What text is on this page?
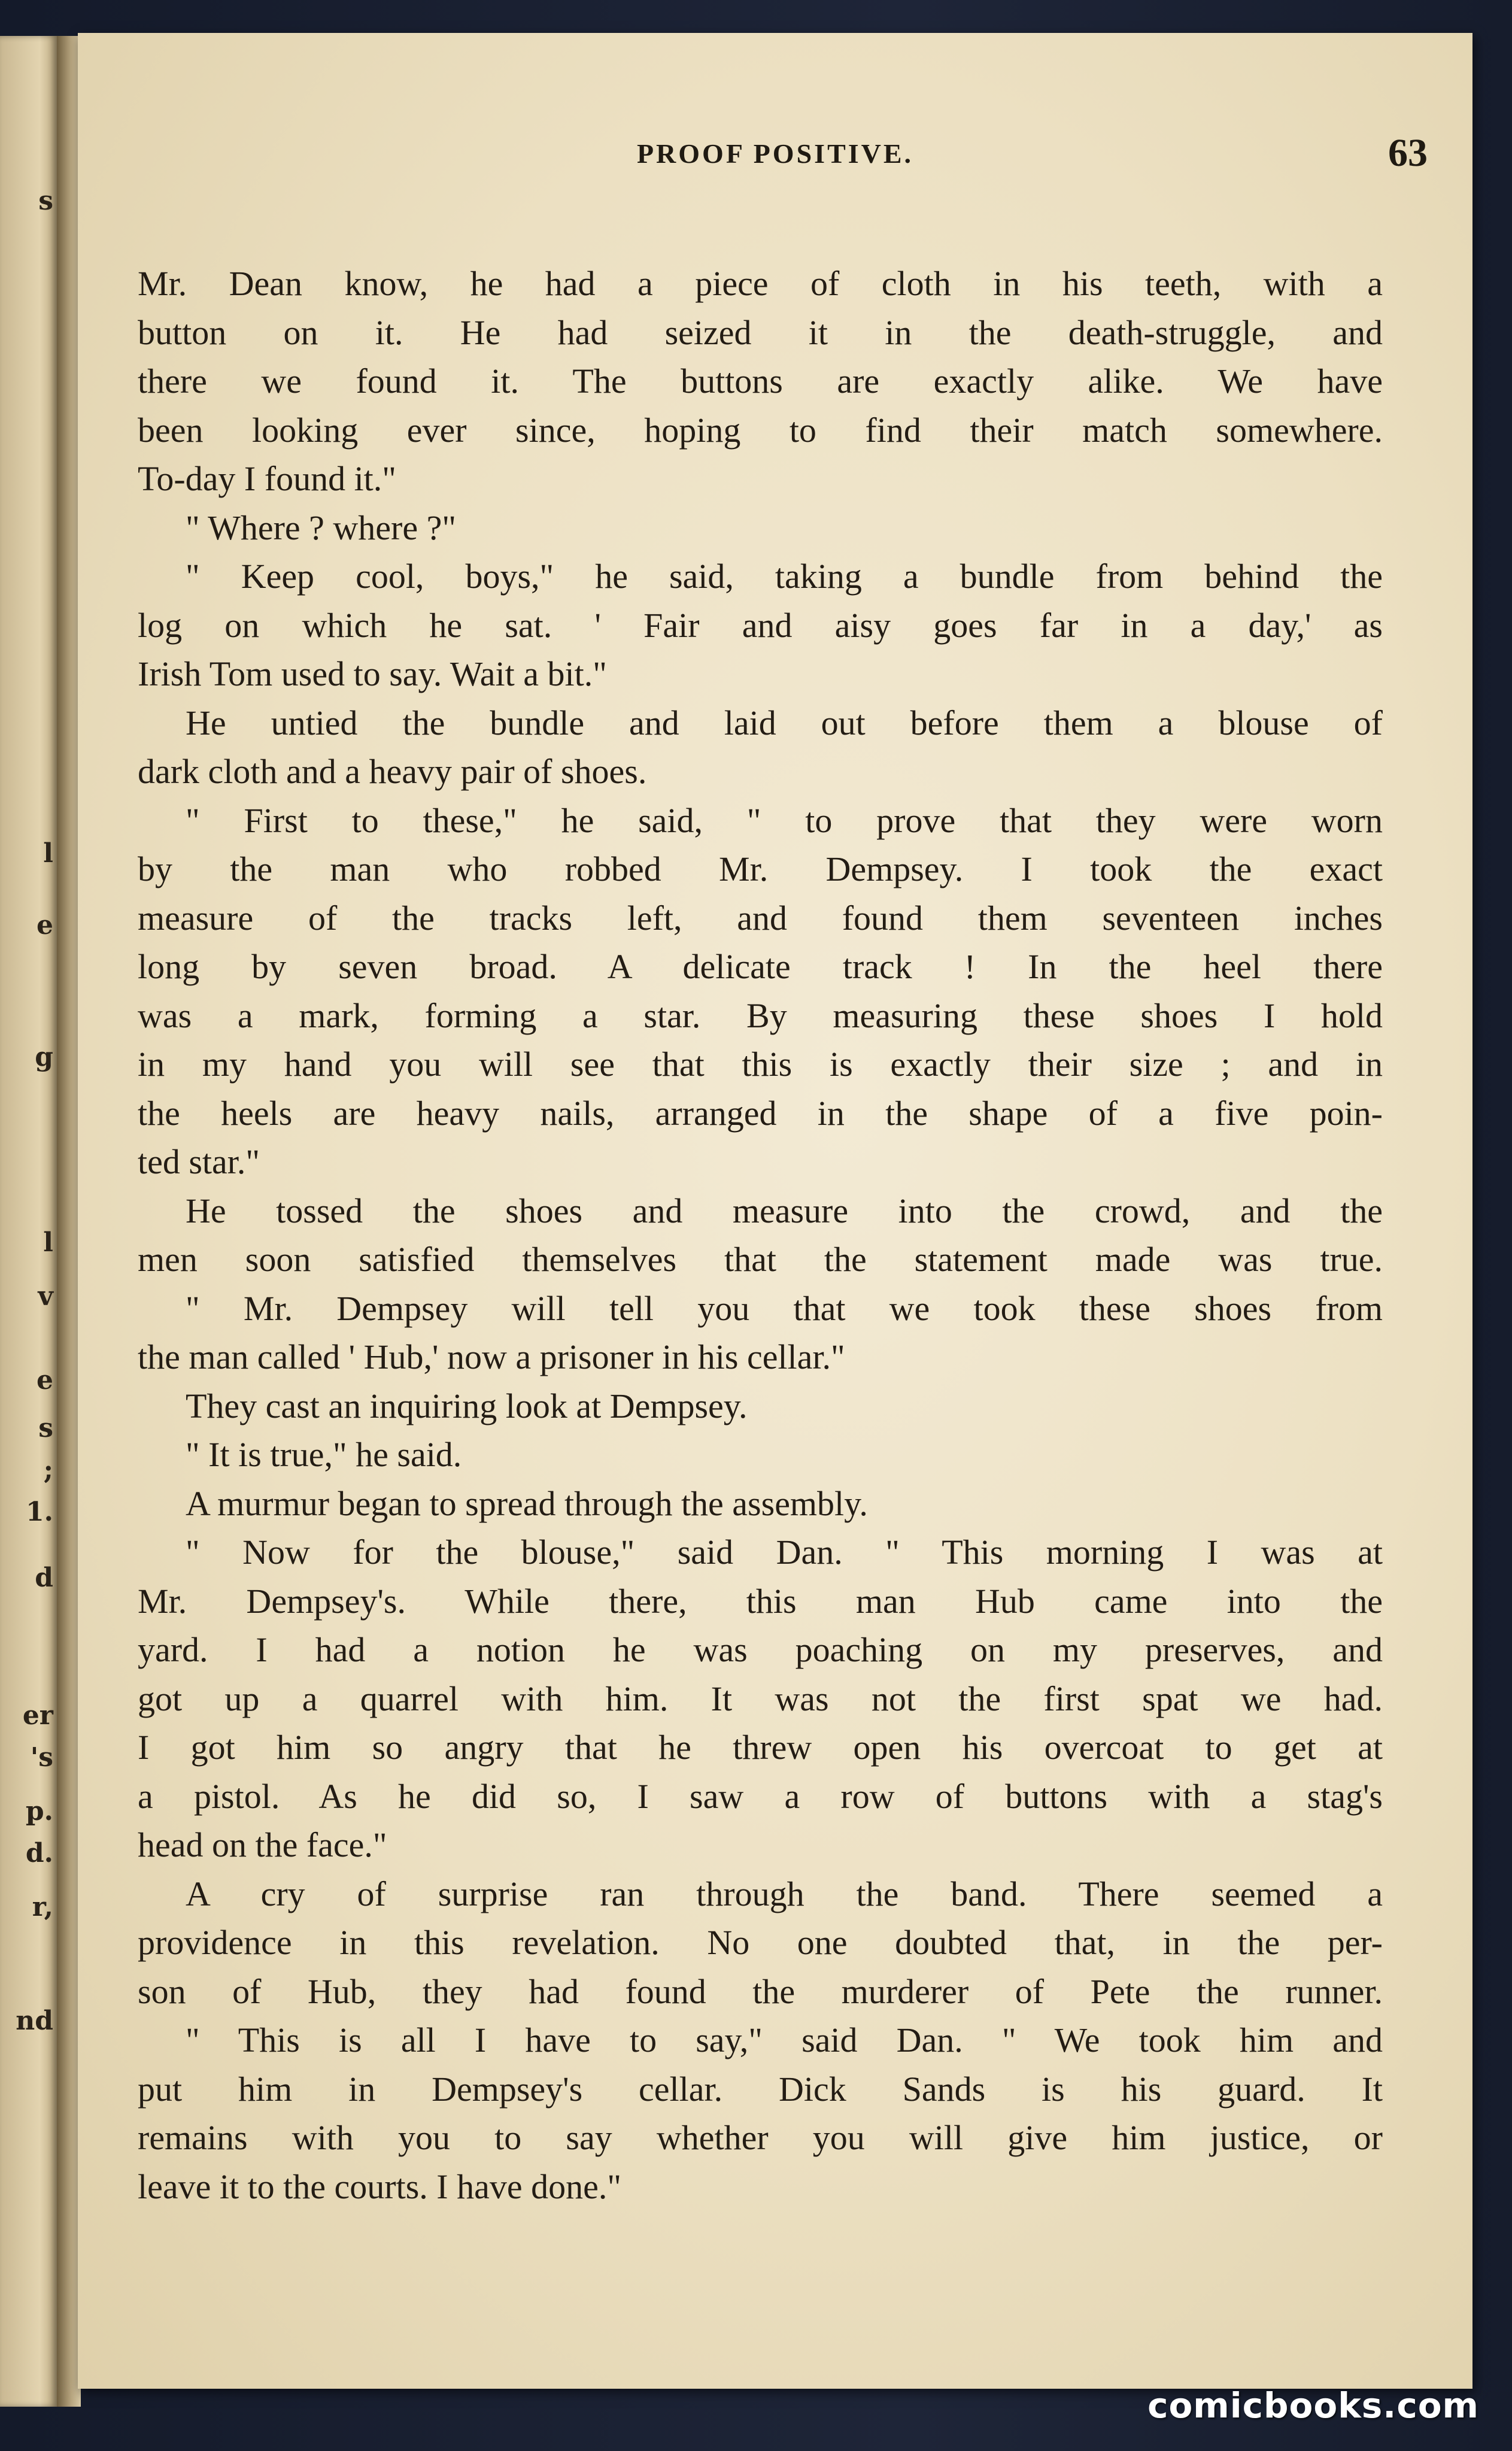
s
l
e
g
l
v
e
s
;
1.
d
er
's
p.
d.
r,
nd
PROOF POSITIVE.	63
Mr. Dean know, he had a piece of cloth in his teeth, with a
button on it. He had seized it in the death-struggle, and
there we found it. The buttons are exactly alike. We have
been looking ever since, hoping to find their match somewhere.
To-day I found it."
" Where ? where ?"
" Keep cool, boys," he said, taking a bundle from behind the
log on which he sat. ' Fair and aisy goes far in a day,' as
Irish Tom used to say. Wait a bit."
He untied the bundle and laid out before them a blouse of
dark cloth and a heavy pair of shoes.
" First to these," he said, " to prove that they were worn
by the man who robbed Mr. Dempsey. I took the exact
measure of the tracks left, and found them seventeen inches
long by seven broad. A delicate track ! In the heel there
was a mark, forming a star. By measuring these shoes I hold
in my hand you will see that this is exactly their size ; and in
the heels are heavy nails, arranged in the shape of a five poin-
ted star."
He tossed the shoes and measure into the crowd, and the
men soon satisfied themselves that the statement made was true.
" Mr. Dempsey will tell you that we took these shoes from
the man called ' Hub,' now a prisoner in his cellar."
They cast an inquiring look at Dempsey.
" It is true," he said.
A murmur began to spread through the assembly.
" Now for the blouse," said Dan. " This morning I was at
Mr. Dempsey's. While there, this man Hub came into the
yard. I had a notion he was poaching on my preserves, and
got up a quarrel with him. It was not the first spat we had.
I got him so angry that he threw open his overcoat to get at
a pistol. As he did so, I saw a row of buttons with a stag's
head on the face."
A cry of surprise ran through the band. There seemed a
providence in this revelation. No one doubted that, in the per-
son of Hub, they had found the murderer of Pete the runner.
" This is all I have to say," said Dan. " We took him and
put him in Dempsey's cellar. Dick Sands is his guard. It
remains with you to say whether you will give him justice, or
leave it to the courts. I have done."
comicbooks.com
